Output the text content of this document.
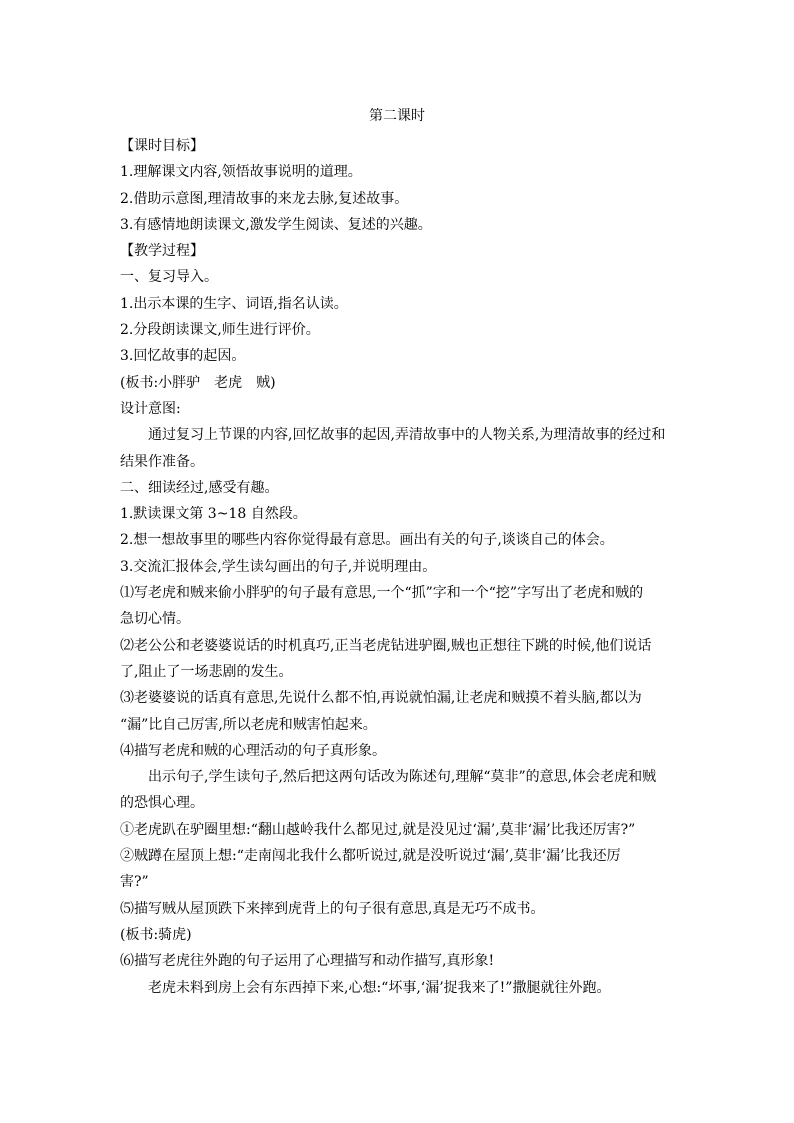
第二课时
【课时目标】
1.理解课文内容,领悟故事说明的道理。
2.借助示意图,理清故事的来龙去脉,复述故事。
3.有感情地朗读课文,激发学生阅读、复述的兴趣。
【教学过程】
一、复习导入。
1.出示本课的生字、词语,指名认读。
2.分段朗读课文,师生进行评价。
3.回忆故事的起因。
(板书:小胖驴　老虎　贼)
设计意图:
通过复习上节课的内容,回忆故事的起因,弄清故事中的人物关系,为理清故事的经过和
结果作准备。
二、细读经过,感受有趣。
1.默读课文第 3~18 自然段。
2.想一想故事里的哪些内容你觉得最有意思。画出有关的句子,谈谈自己的体会。
3.交流汇报体会,学生读勾画出的句子,并说明理由。
⑴写老虎和贼来偷小胖驴的句子最有意思,一个“抓”字和一个“挖”字写出了老虎和贼的
急切心情。
⑵老公公和老婆婆说话的时机真巧,正当老虎钻进驴圈,贼也正想往下跳的时候,他们说话
了,阻止了一场悲剧的发生。
⑶老婆婆说的话真有意思,先说什么都不怕,再说就怕漏,让老虎和贼摸不着头脑,都以为
“漏”比自己厉害,所以老虎和贼害怕起来。
⑷描写老虎和贼的心理活动的句子真形象。
出示句子,学生读句子,然后把这两句话改为陈述句,理解“莫非”的意思,体会老虎和贼
的恐惧心理。
①老虎趴在驴圈里想:“翻山越岭我什么都见过,就是没见过‘漏’,莫非‘漏’比我还厉害?”
②贼蹲在屋顶上想:“走南闯北我什么都听说过,就是没听说过‘漏’,莫非‘漏’比我还厉
害?”
⑸描写贼从屋顶跌下来摔到虎背上的句子很有意思,真是无巧不成书。
(板书:骑虎)
⑹描写老虎往外跑的句子运用了心理描写和动作描写,真形象!
老虎未料到房上会有东西掉下来,心想:“坏事,‘漏’捉我来了!”撒腿就往外跑。
